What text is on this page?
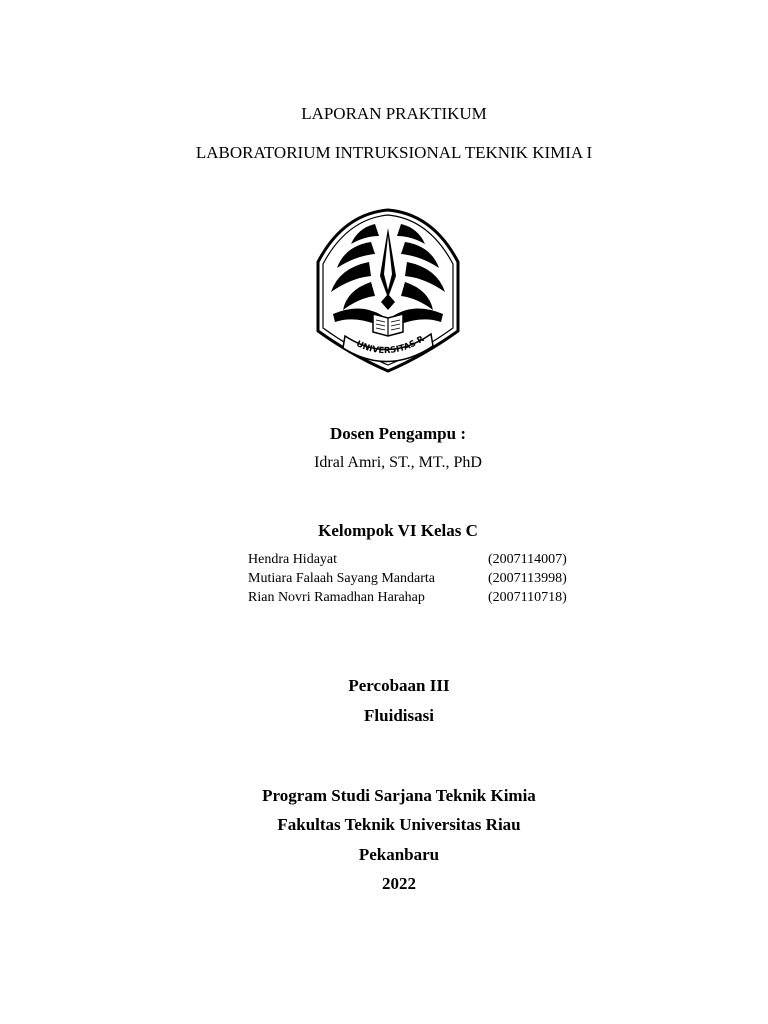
LAPORAN PRAKTIKUM
LABORATORIUM INTRUKSIONAL TEKNIK KIMIA I
UNIVERSITAS R
Dosen Pengampu :
Idral Amri, ST., MT., PhD
Kelompok VI Kelas C
Hendra Hidayat	(2007114007)
Mutiara Falaah Sayang Mandarta	(2007113998)
Rian Novri Ramadhan Harahap	(2007110718)
Percobaan III
Fluidisasi
Program Studi Sarjana Teknik Kimia
Fakultas Teknik Universitas Riau
Pekanbaru
2022
